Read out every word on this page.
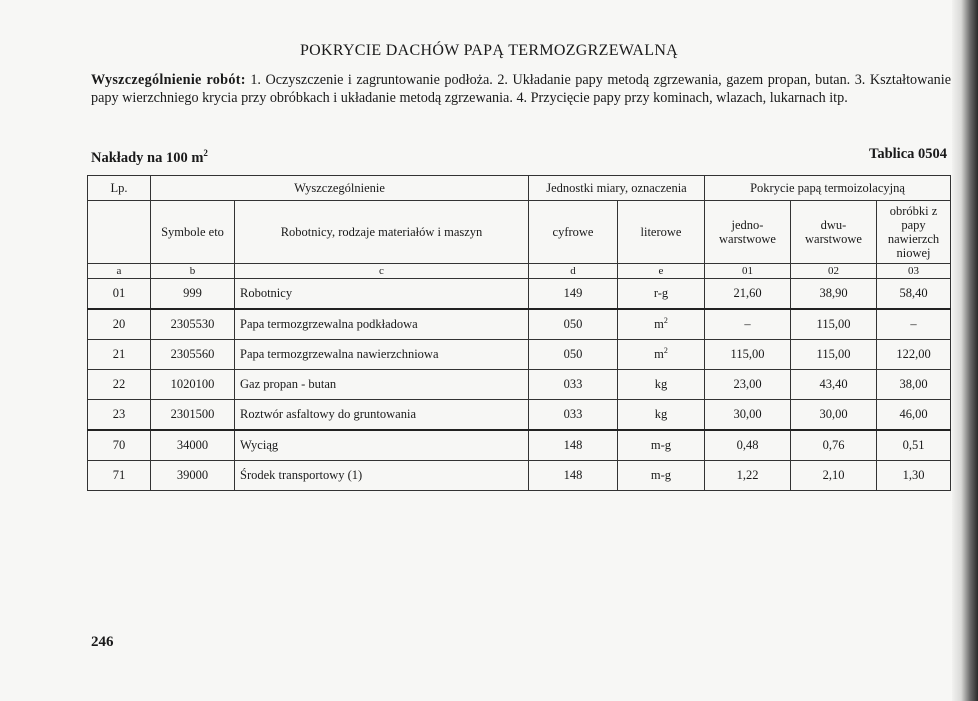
POKRYCIE DACHÓW PAPĄ TERMOZGRZEWALNĄ
Wyszczególnienie robót: 1. Oczyszczenie i zagruntowanie podłoża. 2. Układanie papy metodą zgrzewania, gazem propan, butan. 3. Kształtowanie papy wierzchniego krycia przy obróbkach i układanie metodą zgrzewania. 4. Przycięcie papy przy kominach, wlazach, lukarnach itp.
Nakłady na 100 $m^2$	Tablica 0504
Lp.	Wyszczególnienie		Jednostki miary, oznaczenia		Pokrycie papą termoizolacyjną		
	Symbole eto	Robotnicy, rodzaje materiałów i maszyn	cyfrowe	literowe	jedno- warstwowe	dwu- warstwowe	obróbki z papy nawierzch niowej
a	b	c	d	e	01	02	03
01	999	Robotnicy	149	r-g	21,60	38,90	58,40
20	2305530	Papa termozgrzewalna podkładowa	050	$m^2$	–	115,00	–
21	2305560	Papa termozgrzewalna nawierzchniowa	050	$m^2$	115,00	115,00	122,00
22	1020100	Gaz propan - butan	033	kg	23,00	43,40	38,00
23	2301500	Roztwór asfaltowy do gruntowania	033	kg	30,00	30,00	46,00
70	34000	Wyciąg	148	m-g	0,48	0,76	0,51
71	39000	Środek transportowy (1)	148	m-g	1,22	2,10	1,30
246
